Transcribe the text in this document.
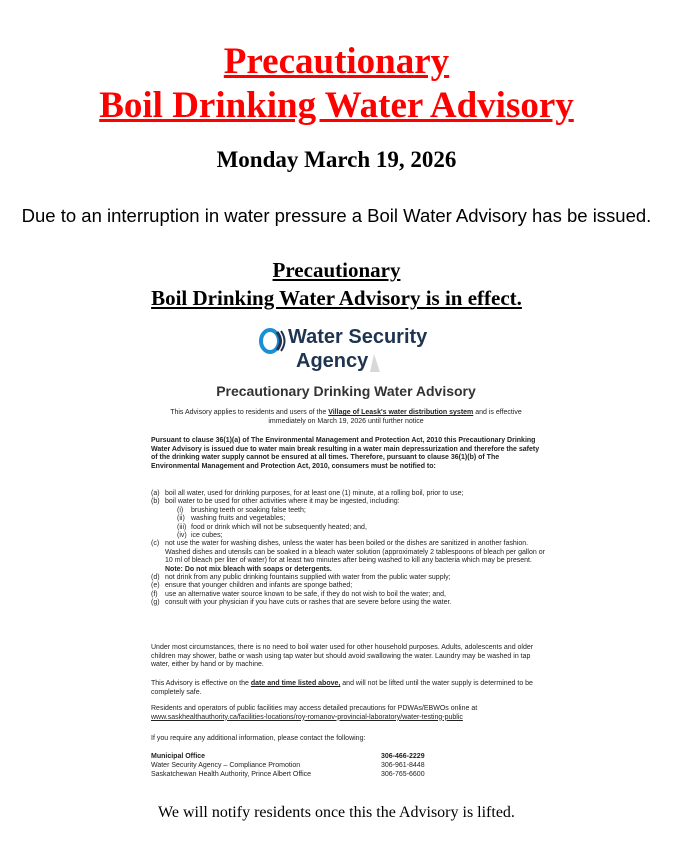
Precautionary
Boil Drinking Water Advisory
Monday March 19, 2026
Due to an interruption in water pressure a Boil Water Advisory has be issued.
Precautionary
Boil Drinking Water Advisory is in effect.
Water Security
Agency
Precautionary Drinking Water Advisory
This Advisory applies to residents and users of the Village of Leask's water distribution system and is effective immediately on March 19, 2026 until further notice
Pursuant to clause 36(1)(a) of The Environmental Management and Protection Act, 2010 this Precautionary Drinking Water Advisory is issued due to water main break resulting in a water main depressurization and therefore the safety of the drinking water supply cannot be ensured at all times. Therefore, pursuant to clause 36(1)(b) of The Environmental Management and Protection Act, 2010, consumers must be notified to:
(a) boil all water, used for drinking purposes, for at least one (1) minute, at a rolling boil, prior to use;
(b) boil water to be used for other activities where it may be ingested, including:
(i) brushing teeth or soaking false teeth;
(ii) washing fruits and vegetables;
(iii) food or drink which will not be subsequently heated; and,
(iv) ice cubes;
(c) not use the water for washing dishes, unless the water has been boiled or the dishes are sanitized in another fashion. Washed dishes and utensils can be soaked in a bleach water solution (approximately 2 tablespoons of bleach per gallon or 10 ml of bleach per liter of water) for at least two minutes after being washed to kill any bacteria which may be present.
Note: Do not mix bleach with soaps or detergents.
(d) not drink from any public drinking fountains supplied with water from the public water supply;
(e) ensure that younger children and infants are sponge bathed;
(f) use an alternative water source known to be safe, if they do not wish to boil the water; and,
(g) consult with your physician if you have cuts or rashes that are severe before using the water.
Under most circumstances, there is no need to boil water used for other household purposes. Adults, adolescents and older children may shower, bathe or wash using tap water but should avoid swallowing the water. Laundry may be washed in tap water, either by hand or by machine.
This Advisory is effective on the date and time listed above, and will not be lifted until the water supply is determined to be completely safe.
Residents and operators of public facilities may access detailed precautions for PDWAs/EBWOs online at
www.saskhealthauthority.ca/facilities-locations/roy-romanov-provincial-laboratory/water-testing-public
If you require any additional information, please contact the following:
Municipal Office	306-466-2229
Water Security Agency – Compliance Promotion	306-961-8448
Saskatchewan Health Authority, Prince Albert Office	306-765-6600
We will notify residents once this the Advisory is lifted.
